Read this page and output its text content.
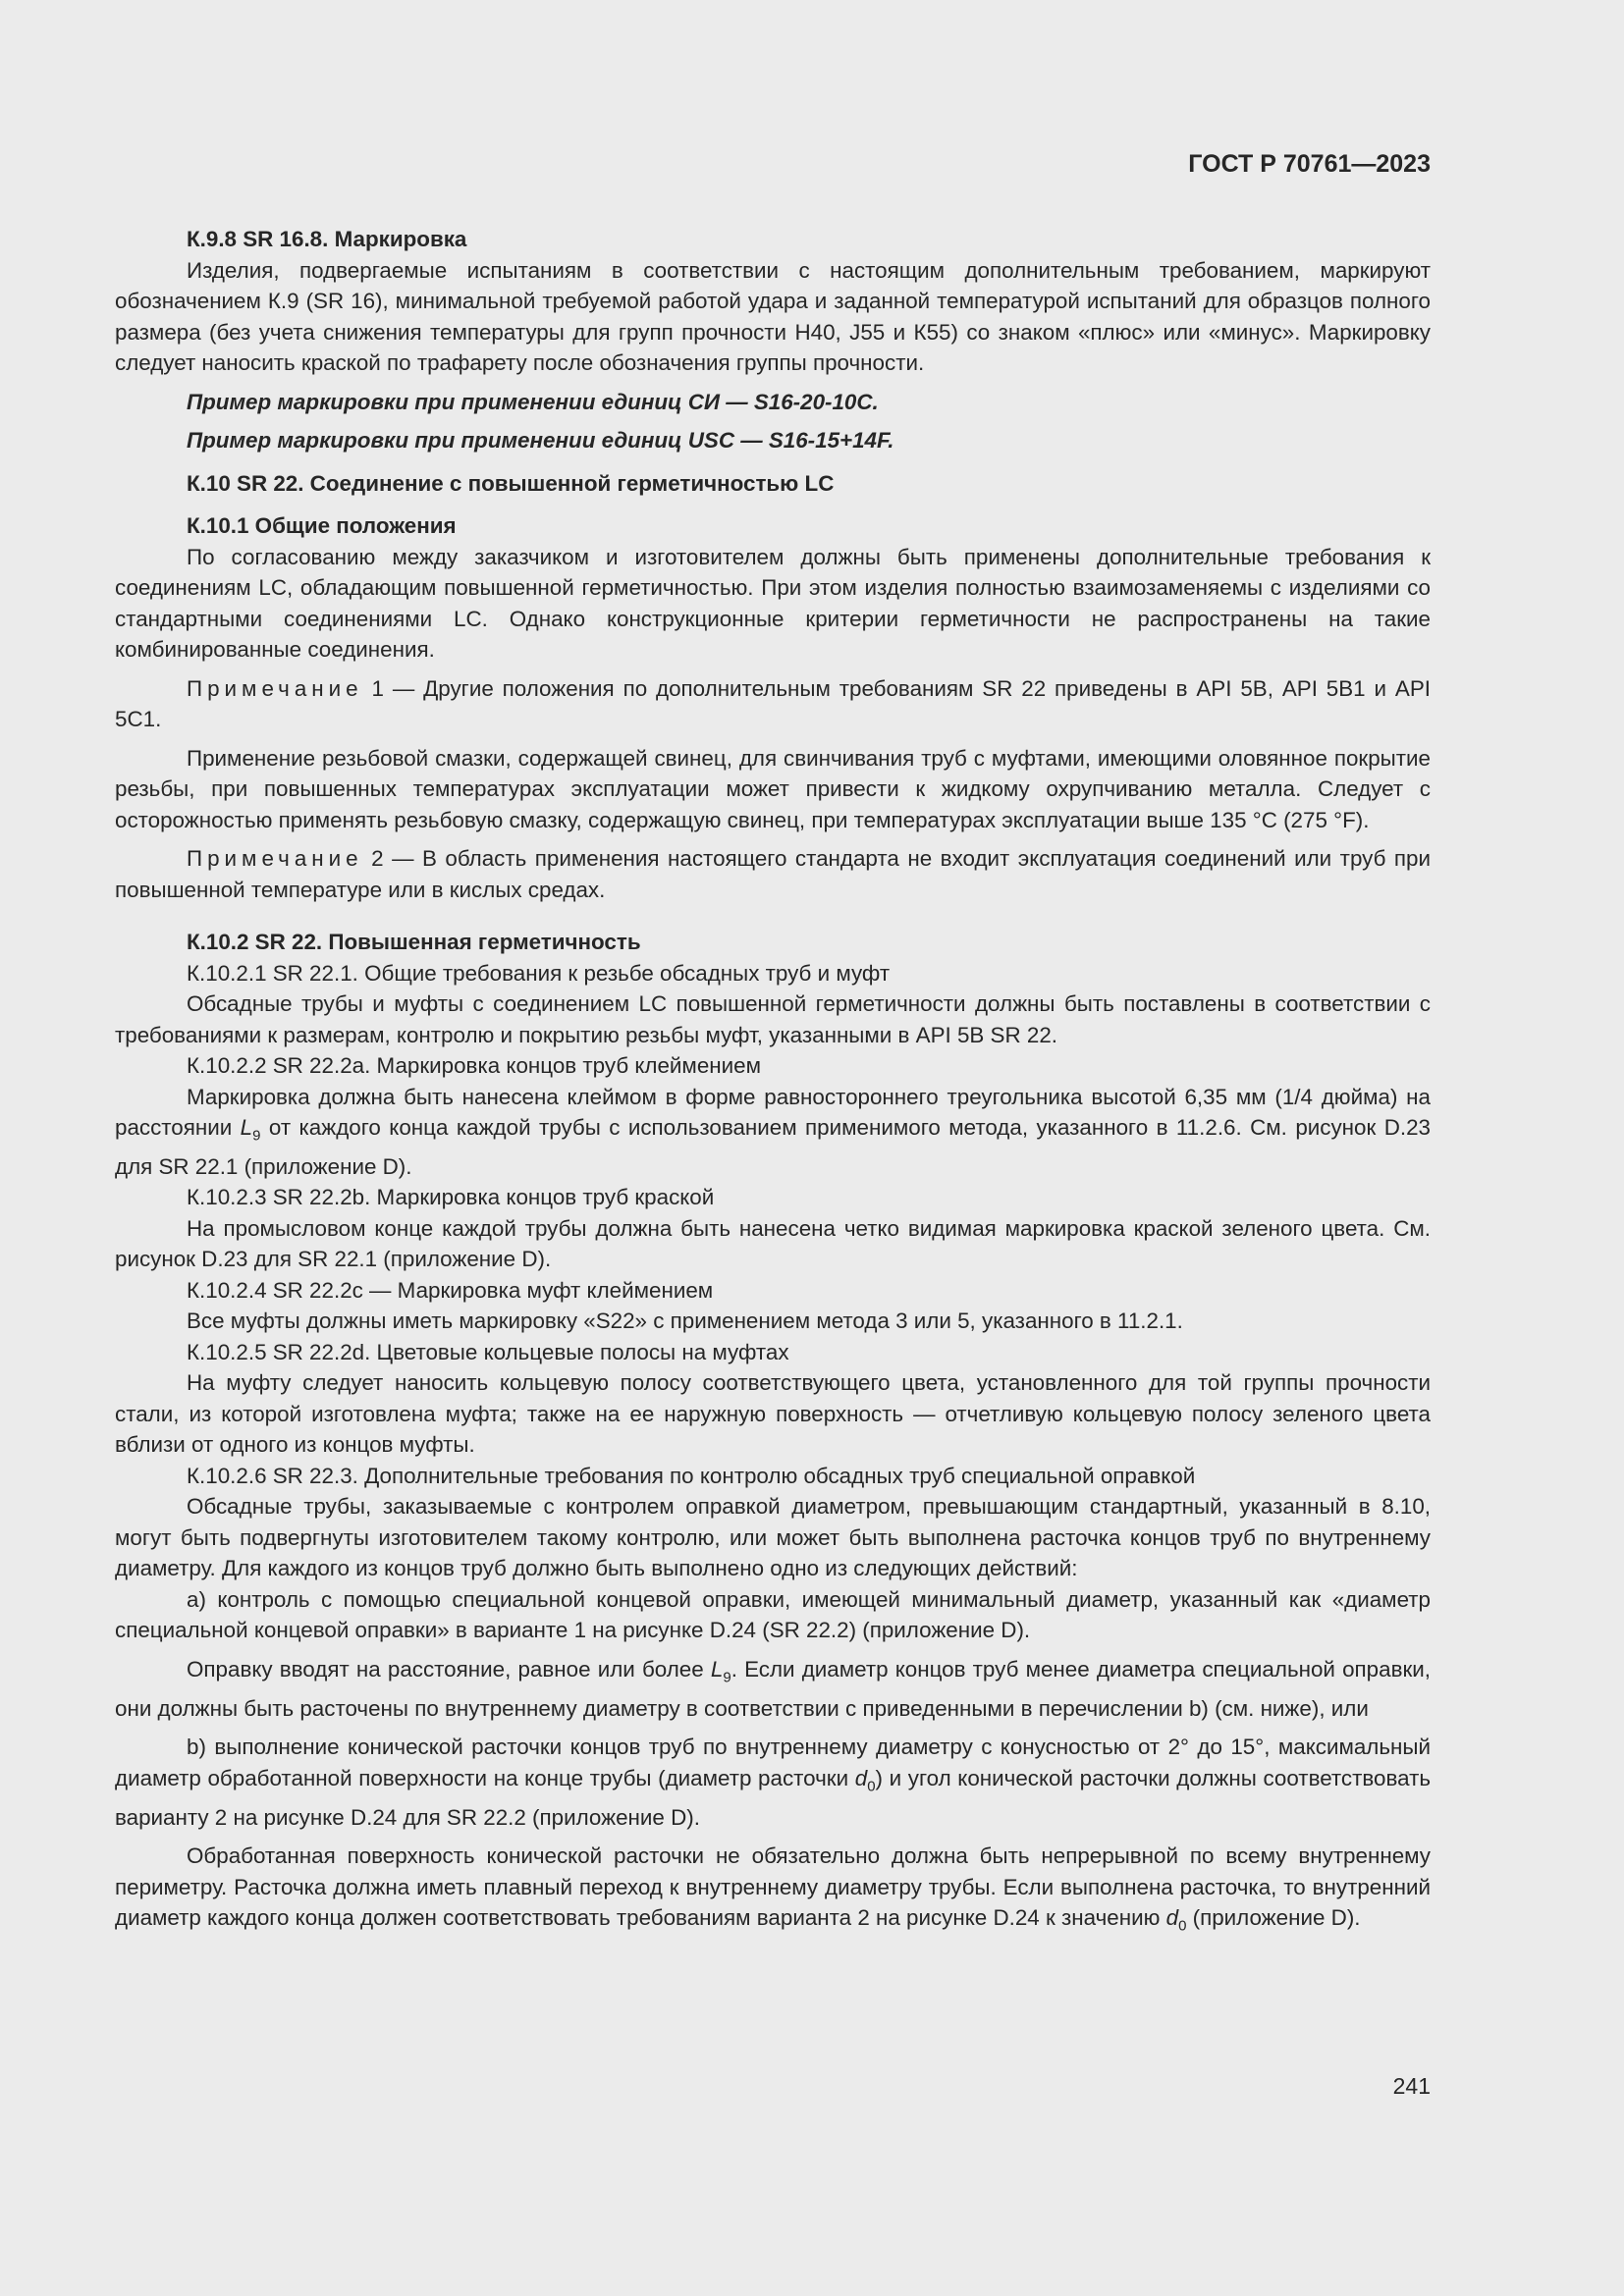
ГОСТ Р 70761—2023

К.9.8 SR 16.8. Маркировка

Изделия, подвергаемые испытаниям в соответствии с настоящим дополнительным требованием, маркируют обозначением К.9 (SR 16), минимальной требуемой работой удара и заданной температурой испытаний для образцов полного размера (без учета снижения температуры для групп прочности Н40, J55 и К55) со знаком «плюс» или «минус». Маркировку следует наносить краской по трафарету после обозначения группы прочности.

Пример маркировки при применении единиц СИ — S16-20-10C.

Пример маркировки при применении единиц USC — S16-15+14F.

К.10 SR 22. Соединение с повышенной герметичностью LC

К.10.1 Общие положения

По согласованию между заказчиком и изготовителем должны быть применены дополнительные требования к соединениям LC, обладающим повышенной герметичностью. При этом изделия полностью взаимозаменяемы с изделиями со стандартными соединениями LC. Однако конструкционные критерии герметичности не распространены на такие комбинированные соединения.

Примечание 1 — Другие положения по дополнительным требованиям SR 22 приведены в API 5В, API 5В1 и API 5С1.

Применение резьбовой смазки, содержащей свинец, для свинчивания труб с муфтами, имеющими оловянное покрытие резьбы, при повышенных температурах эксплуатации может привести к жидкому охрупчиванию металла. Следует с осторожностью применять резьбовую смазку, содержащую свинец, при температурах эксплуатации выше 135 °С (275 °F).

Примечание 2 — В область применения настоящего стандарта не входит эксплуатация соединений или труб при повышенной температуре или в кислых средах.

К.10.2 SR 22. Повышенная герметичность

К.10.2.1 SR 22.1. Общие требования к резьбе обсадных труб и муфт

Обсадные трубы и муфты с соединением LC повышенной герметичности должны быть поставлены в соответствии с требованиями к размерам, контролю и покрытию резьбы муфт, указанными в API 5В SR 22.

К.10.2.2 SR 22.2а. Маркировка концов труб клеймением

Маркировка должна быть нанесена клеймом в форме равностороннего треугольника высотой 6,35 мм (1/4 дюйма) на расстоянии $L_9$ от каждого конца каждой трубы с использованием применимого метода, указанного в 11.2.6. См. рисунок D.23 для SR 22.1 (приложение D).

К.10.2.3 SR 22.2b. Маркировка концов труб краской

На промысловом конце каждой трубы должна быть нанесена четко видимая маркировка краской зеленого цвета. См. рисунок D.23 для SR 22.1 (приложение D).

К.10.2.4 SR 22.2с — Маркировка муфт клеймением

Все муфты должны иметь маркировку «S22» с применением метода 3 или 5, указанного в 11.2.1.

К.10.2.5 SR 22.2d. Цветовые кольцевые полосы на муфтах

На муфту следует наносить кольцевую полосу соответствующего цвета, установленного для той группы прочности стали, из которой изготовлена муфта; также на ее наружную поверхность — отчетливую кольцевую полосу зеленого цвета вблизи от одного из концов муфты.

К.10.2.6 SR 22.3. Дополнительные требования по контролю обсадных труб специальной оправкой

Обсадные трубы, заказываемые с контролем оправкой диаметром, превышающим стандартный, указанный в 8.10, могут быть подвергнуты изготовителем такому контролю, или может быть выполнена расточка концов труб по внутреннему диаметру. Для каждого из концов труб должно быть выполнено одно из следующих действий:

а) контроль с помощью специальной концевой оправки, имеющей минимальный диаметр, указанный как «диаметр специальной концевой оправки» в варианте 1 на рисунке D.24 (SR 22.2) (приложение D).

Оправку вводят на расстояние, равное или более $L_9$. Если диаметр концов труб менее диаметра специальной оправки, они должны быть расточены по внутреннему диаметру в соответствии с приведенными в перечислении b) (см. ниже), или

b) выполнение конической расточки концов труб по внутреннему диаметру с конусностью от 2° до 15°, максимальный диаметр обработанной поверхности на конце трубы (диаметр расточки $d_0$) и угол конической расточки должны соответствовать варианту 2 на рисунке D.24 для SR 22.2 (приложение D).

Обработанная поверхность конической расточки не обязательно должна быть непрерывной по всему внутреннему периметру. Расточка должна иметь плавный переход к внутреннему диаметру трубы. Если выполнена расточка, то внутренний диаметр каждого конца должен соответствовать требованиям варианта 2 на рисунке D.24 к значению $d_0$ (приложение D).

241
